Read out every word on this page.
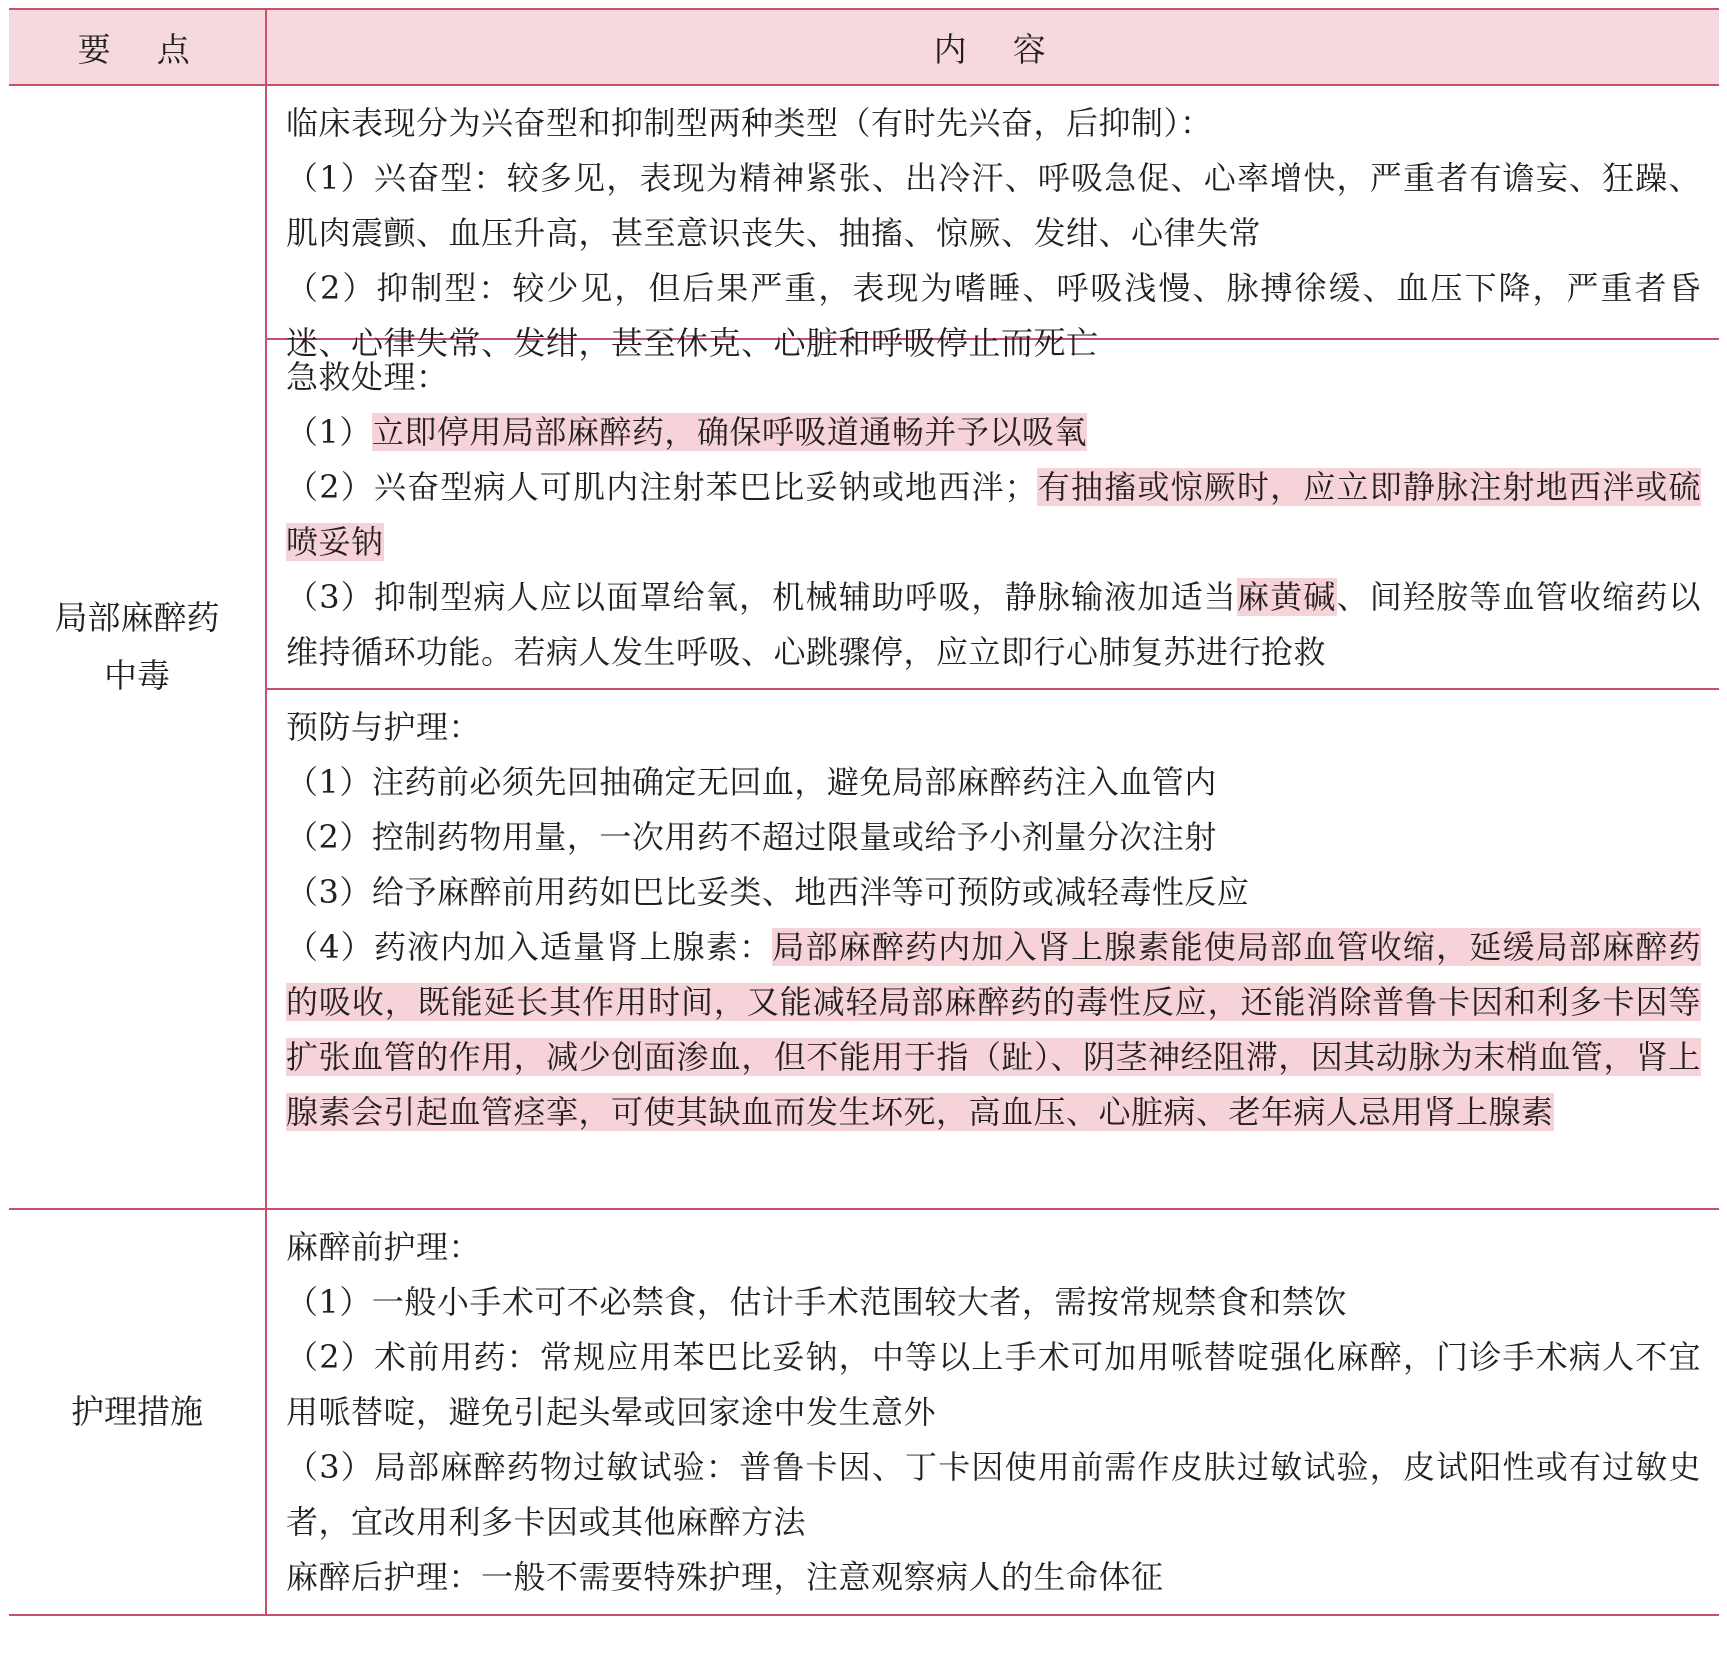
要　点	内　容
局部麻醉药中毒
临床表现分为兴奋型和抑制型两种类型（有时先兴奋，后抑制）：
（1）兴奋型：较多见，表现为精神紧张、出冷汗、呼吸急促、心率增快，严重者有谵妄、狂躁、肌肉震颤、血压升高，甚至意识丧失、抽搐、惊厥、发绀、心律失常
（2）抑制型：较少见，但后果严重，表现为嗜睡、呼吸浅慢、脉搏徐缓、血压下降，严重者昏迷、心律失常、发绀，甚至休克、心脏和呼吸停止而死亡
急救处理：
（1）立即停用局部麻醉药，确保呼吸道通畅并予以吸氧
（2）兴奋型病人可肌内注射苯巴比妥钠或地西泮；有抽搐或惊厥时，应立即静脉注射地西泮或硫喷妥钠
（3）抑制型病人应以面罩给氧，机械辅助呼吸，静脉输液加适当麻黄碱、间羟胺等血管收缩药以维持循环功能。若病人发生呼吸、心跳骤停，应立即行心肺复苏进行抢救
预防与护理：
（1）注药前必须先回抽确定无回血，避免局部麻醉药注入血管内
（2）控制药物用量，一次用药不超过限量或给予小剂量分次注射
（3）给予麻醉前用药如巴比妥类、地西泮等可预防或减轻毒性反应
（4）药液内加入适量肾上腺素：局部麻醉药内加入肾上腺素能使局部血管收缩，延缓局部麻醉药的吸收，既能延长其作用时间，又能减轻局部麻醉药的毒性反应，还能消除普鲁卡因和利多卡因等扩张血管的作用，减少创面渗血，但不能用于指（趾）、阴茎神经阻滞，因其动脉为末梢血管，肾上腺素会引起血管痉挛，可使其缺血而发生坏死，高血压、心脏病、老年病人忌用肾上腺素
护理措施
麻醉前护理：
（1）一般小手术可不必禁食，估计手术范围较大者，需按常规禁食和禁饮
（2）术前用药：常规应用苯巴比妥钠，中等以上手术可加用哌替啶强化麻醉，门诊手术病人不宜用哌替啶，避免引起头晕或回家途中发生意外
（3）局部麻醉药物过敏试验：普鲁卡因、丁卡因使用前需作皮肤过敏试验，皮试阳性或有过敏史者，宜改用利多卡因或其他麻醉方法
麻醉后护理：一般不需要特殊护理，注意观察病人的生命体征
